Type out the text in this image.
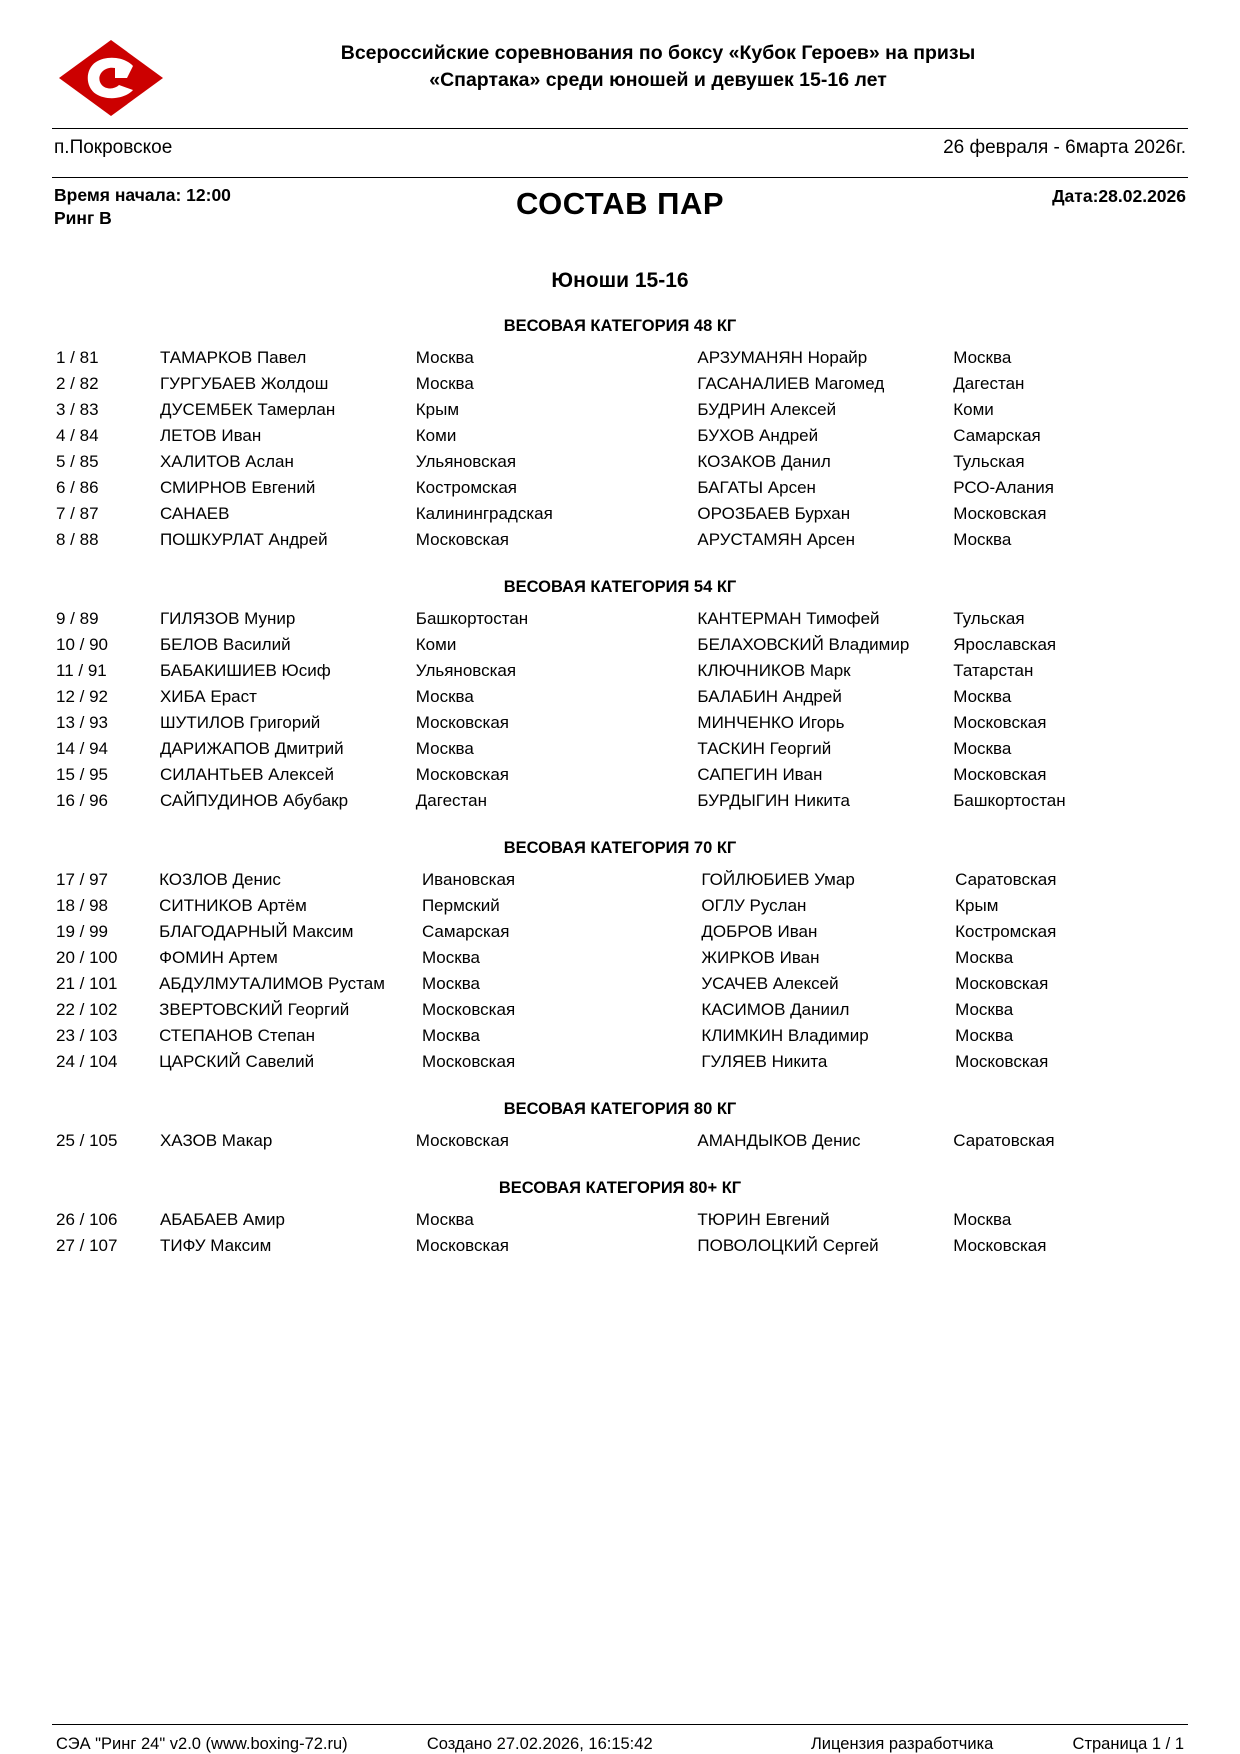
Всероссийские соревнования по боксу «Кубок Героев» на призы
«Спартака» среди юношей и девушек 15-16 лет
п.Покровское	26 февраля - 6марта 2026г.
Время начала: 12:00
Ринг B	СОСТАВ ПАР	Дата:28.02.2026
Юноши 15-16
ВЕСОВАЯ КАТЕГОРИЯ 48 КГ
1 / 81	ТАМАРКОВ Павел	Москва	АРЗУМАНЯН Норайр	Москва
2 / 82	ГУРГУБАЕВ Жолдош	Москва	ГАСАНАЛИЕВ Магомед	Дагестан
3 / 83	ДУСЕМБЕК Тамерлан	Крым	БУДРИН Алексей	Коми
4 / 84	ЛЕТОВ Иван	Коми	БУХОВ Андрей	Самарская
5 / 85	ХАЛИТОВ Аслан	Ульяновская	КОЗАКОВ Данил	Тульская
6 / 86	СМИРНОВ Евгений	Костромская	БАГАТЫ Арсен	РСО-Алания
7 / 87	САНАЕВ	Калининградская	ОРОЗБАЕВ Бурхан	Московская
8 / 88	ПОШКУРЛАТ Андрей	Московская	АРУСТАМЯН Арсен	Москва
ВЕСОВАЯ КАТЕГОРИЯ 54 КГ
9 / 89	ГИЛЯЗОВ Мунир	Башкортостан	КАНТЕРМАН Тимофей	Тульская
10 / 90	БЕЛОВ Василий	Коми	БЕЛАХОВСКИЙ Владимир	Ярославская
11 / 91	БАБАКИШИЕВ Юсиф	Ульяновская	КЛЮЧНИКОВ Марк	Татарстан
12 / 92	ХИБА Ераст	Москва	БАЛАБИН Андрей	Москва
13 / 93	ШУТИЛОВ Григорий	Московская	МИНЧЕНКО Игорь	Московская
14 / 94	ДАРИЖАПОВ Дмитрий	Москва	ТАСКИН Георгий	Москва
15 / 95	СИЛАНТЬЕВ Алексей	Московская	САПЕГИН Иван	Московская
16 / 96	САЙПУДИНОВ Абубакр	Дагестан	БУРДЫГИН Никита	Башкортостан
ВЕСОВАЯ КАТЕГОРИЯ 70 КГ
17 / 97	КОЗЛОВ Денис	Ивановская	ГОЙЛЮБИЕВ Умар	Саратовская
18 / 98	СИТНИКОВ Артём	Пермский	ОГЛУ Руслан	Крым
19 / 99	БЛАГОДАРНЫЙ Максим	Самарская	ДОБРОВ Иван	Костромская
20 / 100	ФОМИН Артем	Москва	ЖИРКОВ Иван	Москва
21 / 101	АБДУЛМУТАЛИМОВ Рустам	Москва	УСАЧЕВ Алексей	Московская
22 / 102	ЗВЕРТОВСКИЙ Георгий	Московская	КАСИМОВ Даниил	Москва
23 / 103	СТЕПАНОВ Степан	Москва	КЛИМКИН Владимир	Москва
24 / 104	ЦАРСКИЙ Савелий	Московская	ГУЛЯЕВ Никита	Московская
ВЕСОВАЯ КАТЕГОРИЯ 80 КГ
25 / 105	ХАЗОВ Макар	Московская	АМАНДЫКОВ Денис	Саратовская
ВЕСОВАЯ КАТЕГОРИЯ 80+ КГ
26 / 106	АБАБАЕВ Амир	Москва	ТЮРИН Евгений	Москва
27 / 107	ТИФУ Максим	Московская	ПОВОЛОЦКИЙ Сергей	Московская
СЭА "Ринг 24" v2.0 (www.boxing-72.ru)	Создано 27.02.2026, 16:15:42	Лицензия разработчика	Страница 1 / 1
